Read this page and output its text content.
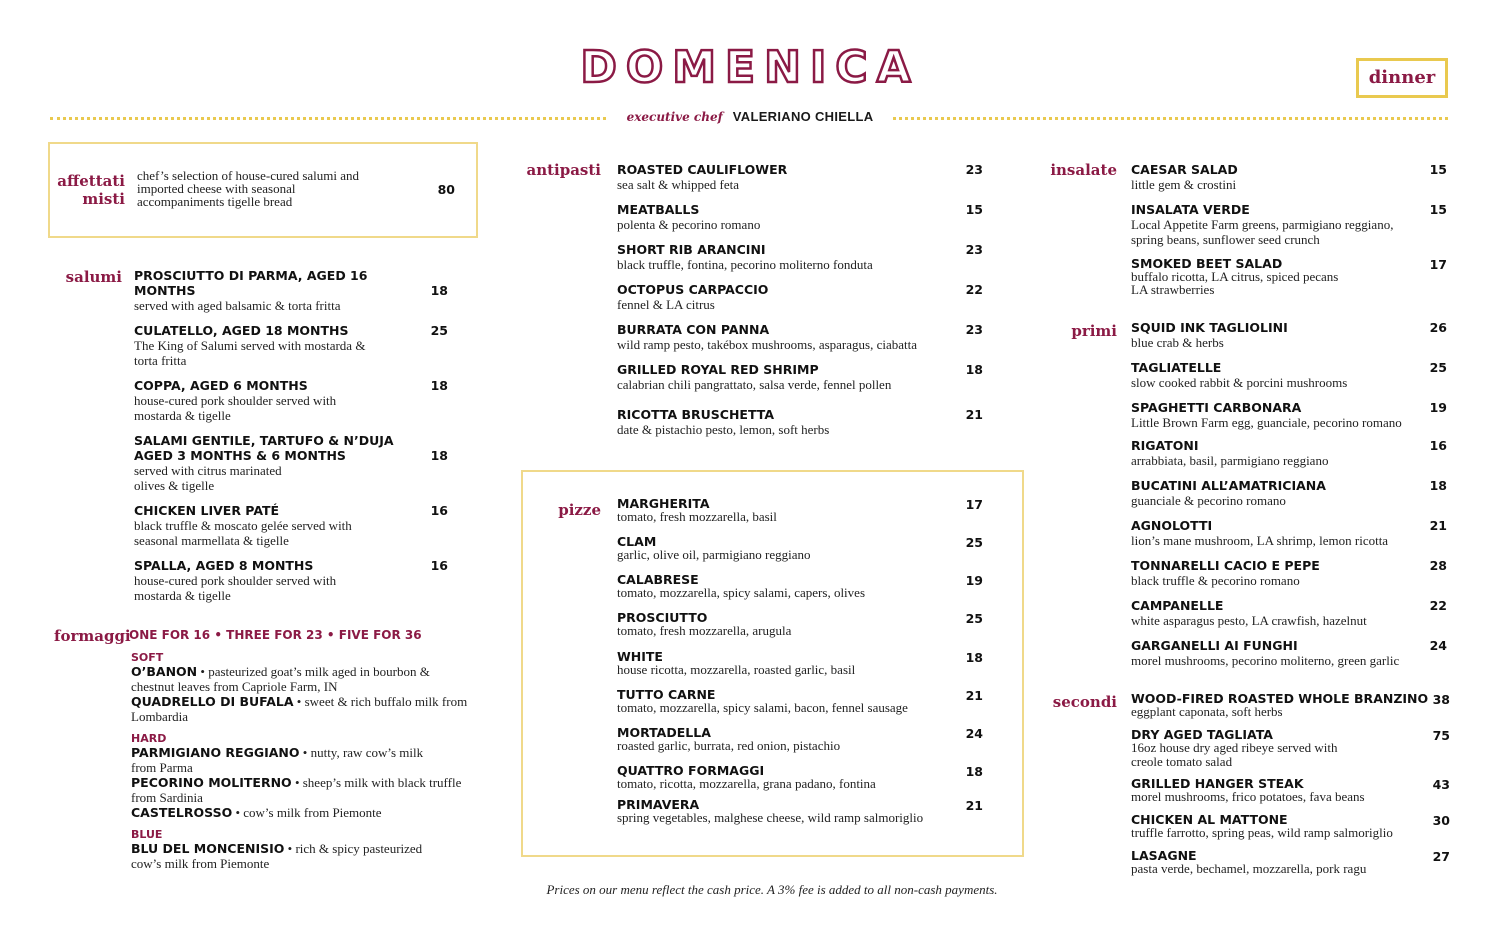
DOMENICA	dinner
executive chef VALERIANO CHIELLA
affettati
misti
chef’s selection of house-cured salumi and imported cheese with seasonal accompaniments tigelle bread
80
salumi PROSCIUTTO DI PARMA, AGED 16 MONTHS
served with aged balsamic & torta fritta
18
CULATELLO, AGED 18 MONTHS
The King of Salumi served with mostarda & torta fritta
25
COPPA, AGED 6 MONTHS
house-cured pork shoulder served with mostarda & tigelle
18
SALAMI GENTILE, TARTUFO & N’DUJA AGED 3 MONTHS & 6 MONTHS
served with citrus marinated olives & tigelle
18
CHICKEN LIVER PATÉ
black truffle & moscato gelée served with seasonal marmellata & tigelle
16
SPALLA, AGED 8 MONTHS
house-cured pork shoulder served with mostarda & tigelle
16
formaggi
ONE FOR 16 • THREE FOR 23 • FIVE FOR 36
SOFT
O’BANON • pasteurized goat’s milk aged in bourbon & chestnut leaves from Capriole Farm, IN
QUADRELLO DI BUFALA • sweet & rich buffalo milk from Lombardia
HARD
PARMIGIANO REGGIANO • nutty, raw cow’s milk from Parma
PECORINO MOLITERNO • sheep’s milk with black truffle from Sardinia
CASTELROSSO • cow’s milk from Piemonte
BLUE
BLU DEL MONCENISIO • rich & spicy pasteurized cow’s milk from Piemonte
antipasti ROASTED CAULIFLOWER
sea salt & whipped feta
23
MEATBALLS
polenta & pecorino romano
15
SHORT RIB ARANCINI
black truffle, fontina, pecorino moliterno fonduta
23
OCTOPUS CARPACCIO
fennel & LA citrus
22
BURRATA CON PANNA
wild ramp pesto, takébox mushrooms, asparagus, ciabatta
23
GRILLED ROYAL RED SHRIMP
calabrian chili pangrattato, salsa verde, fennel pollen
18
RICOTTA BRUSCHETTA
date & pistachio pesto, lemon, soft herbs
21
pizze MARGHERITA
tomato, fresh mozzarella, basil
17
CLAM
garlic, olive oil, parmigiano reggiano
25
CALABRESE
tomato, mozzarella, spicy salami, capers, olives
19
PROSCIUTTO
tomato, fresh mozzarella, arugula
25
WHITE
house ricotta, mozzarella, roasted garlic, basil
18
TUTTO CARNE
tomato, mozzarella, spicy salami, bacon, fennel sausage
21
MORTADELLA
roasted garlic, burrata, red onion, pistachio
24
QUATTRO FORMAGGI
tomato, ricotta, mozzarella, grana padano, fontina
18
PRIMAVERA
spring vegetables, malghese cheese, wild ramp salmoriglio
21
insalate CAESAR SALAD
little gem & crostini
15
INSALATA VERDE
Local Appetite Farm greens, parmigiano reggiano, spring beans, sunflower seed crunch
15
SMOKED BEET SALAD
buffalo ricotta, LA citrus, spiced pecans LA strawberries
17
primi SQUID INK TAGLIOLINI
blue crab & herbs
26
TAGLIATELLE
slow cooked rabbit & porcini mushrooms
25
SPAGHETTI CARBONARA
Little Brown Farm egg, guanciale, pecorino romano
19
RIGATONI
arrabbiata, basil, parmigiano reggiano
16
BUCATINI ALL’AMATRICIANA
guanciale & pecorino romano
18
AGNOLOTTI
lion’s mane mushroom, LA shrimp, lemon ricotta
21
TONNARELLI CACIO E PEPE
black truffle & pecorino romano
28
CAMPANELLE
white asparagus pesto, LA crawfish, hazelnut
22
GARGANELLI AI FUNGHI
morel mushrooms, pecorino moliterno, green garlic
24
secondi WOOD-FIRED ROASTED WHOLE BRANZINO
eggplant caponata, soft herbs
38
DRY AGED TAGLIATA
16oz house dry aged ribeye served with creole tomato salad
75
GRILLED HANGER STEAK
morel mushrooms, frico potatoes, fava beans
43
CHICKEN AL MATTONE
truffle farrotto, spring peas, wild ramp salmoriglio
30
LASAGNE
pasta verde, bechamel, mozzarella, pork ragu
27
Prices on our menu reflect the cash price. A 3% fee is added to all non-cash payments.
